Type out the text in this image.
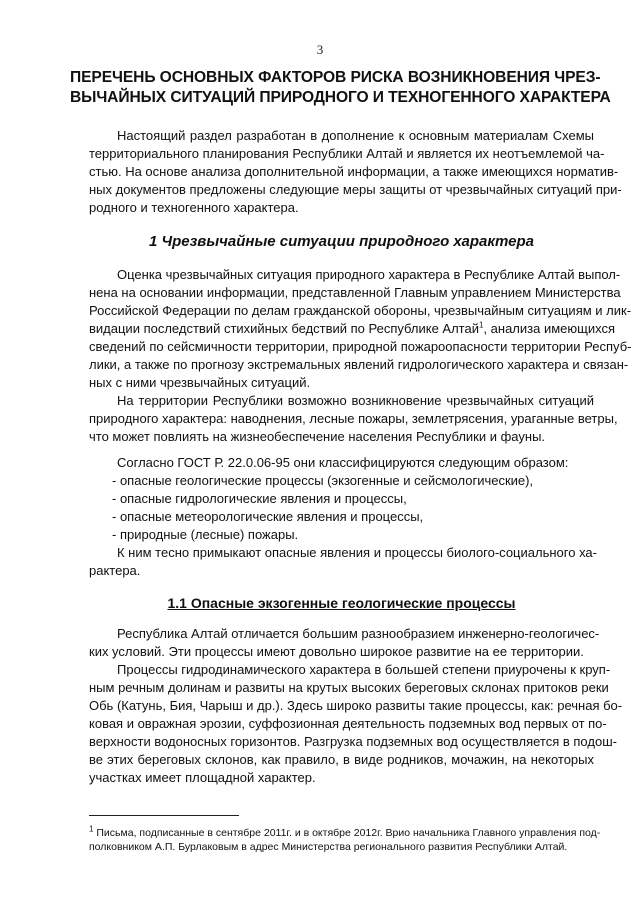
3
ПЕРЕЧЕНЬ ОСНОВНЫХ ФАКТОРОВ РИСКА ВОЗНИКНОВЕНИЯ ЧРЕЗ-
ВЫЧАЙНЫХ СИТУАЦИЙ ПРИРОДНОГО И ТЕХНОГЕННОГО ХАРАКТЕРА

Настоящий раздел разработан в дополнение к основным материалам Схемы
территориального планирования Республики Алтай и является их неотъемлемой ча-
стью. На основе анализа дополнительной информации, а также имеющихся норматив-
ных документов предложены следующие меры защиты от чрезвычайных ситуаций при-
родного и техногенного характера.

1 Чрезвычайные ситуации природного характера

Оценка чрезвычайных ситуация природного характера в Республике Алтай выпол-
нена на основании информации, представленной Главным управлением Министерства
Российской Федерации по делам гражданской обороны, чрезвычайным ситуациям и лик-
видации последствий стихийных бедствий по Республике Алтай$^1$, анализа имеющихся
сведений по сейсмичности территории, природной пожароопасности территории Респуб-
лики, а также по прогнозу экстремальных явлений гидрологического характера и связан-
ных с ними чрезвычайных ситуаций.

На территории Республики возможно возникновение чрезвычайных ситуаций
природного характера: наводнения, лесные пожары, землетрясения, ураганные ветры,
что может повлиять на жизнеобеспечение населения Республики и фауны.

Согласно ГОСТ Р. 22.0.06-95 они классифицируются следующим образом:

- опасные геологические процессы (экзогенные и сейсмологические),

- опасные гидрологические явления и процессы,

- опасные метеорологические явления и процессы,

- природные (лесные) пожары.

К ним тесно примыкают опасные явления и процессы биолого-социального ха-
рактера.

1.1 Опасные экзогенные геологические процессы

Республика Алтай отличается большим разнообразием инженерно-геологичес-
ких условий. Эти процессы имеют довольно широкое развитие на ее территории.

Процессы гидродинамического характера в большей степени приурочены к круп-
ным речным долинам и развиты на крутых высоких береговых склонах притоков реки
Обь (Катунь, Бия, Чарыш и др.). Здесь широко развиты такие процессы, как: речная бо-
ковая и овражная эрозии, суффозионная деятельность подземных вод первых от по-
верхности водоносных горизонтов. Разгрузка подземных вод осуществляется в подош-
ве этих береговых склонов, как правило, в виде родников, мочажин, на некоторых
участках имеет площадной характер.

$^1$ Письма, подписанные в сентябре 2011г. и в октябре 2012г. Врио начальника Главного управления под-
полковником А.П. Бурлаковым в адрес Министерства регионального развития Республики Алтай.
